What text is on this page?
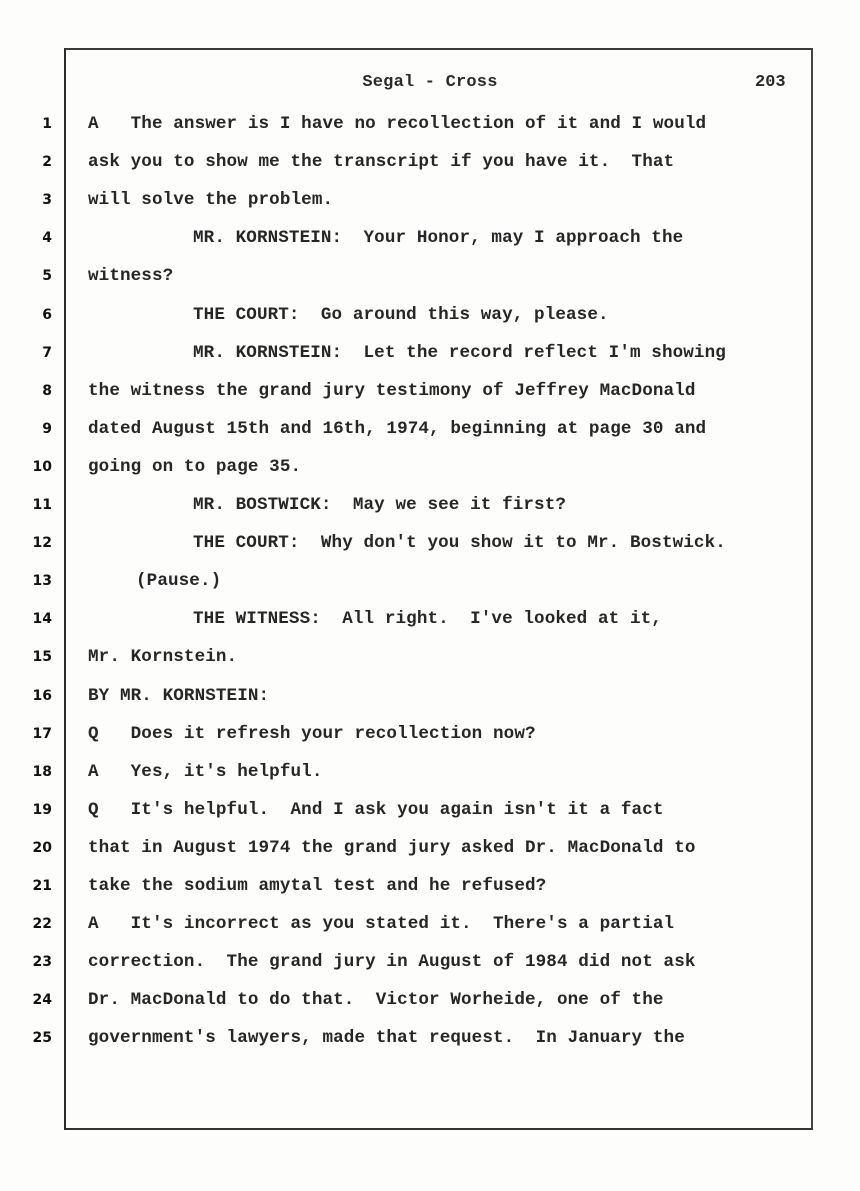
Segal - Cross	203
1 A   The answer is I have no recollection of it and I would
2 ask you to show me the transcript if you have it.  That
3 will solve the problem.
4	MR. KORNSTEIN:  Your Honor, may I approach the
5 witness?
6	THE COURT:  Go around this way, please.
7	MR. KORNSTEIN:  Let the record reflect I'm showing
8 the witness the grand jury testimony of Jeffrey MacDonald
9 dated August 15th and 16th, 1974, beginning at page 30 and
10 going on to page 35.
11	MR. BOSTWICK:  May we see it first?
12	THE COURT:  Why don't you show it to Mr. Bostwick.
13	(Pause.)
14	THE WITNESS:  All right.  I've looked at it,
15 Mr. Kornstein.
16 BY MR. KORNSTEIN:
17 Q   Does it refresh your recollection now?
18 A   Yes, it's helpful.
19 Q   It's helpful.  And I ask you again isn't it a fact
20 that in August 1974 the grand jury asked Dr. MacDonald to
21 take the sodium amytal test and he refused?
22 A   It's incorrect as you stated it.  There's a partial
23 correction.  The grand jury in August of 1984 did not ask
24 Dr. MacDonald to do that.  Victor Worheide, one of the
25 government's lawyers, made that request.  In January the
